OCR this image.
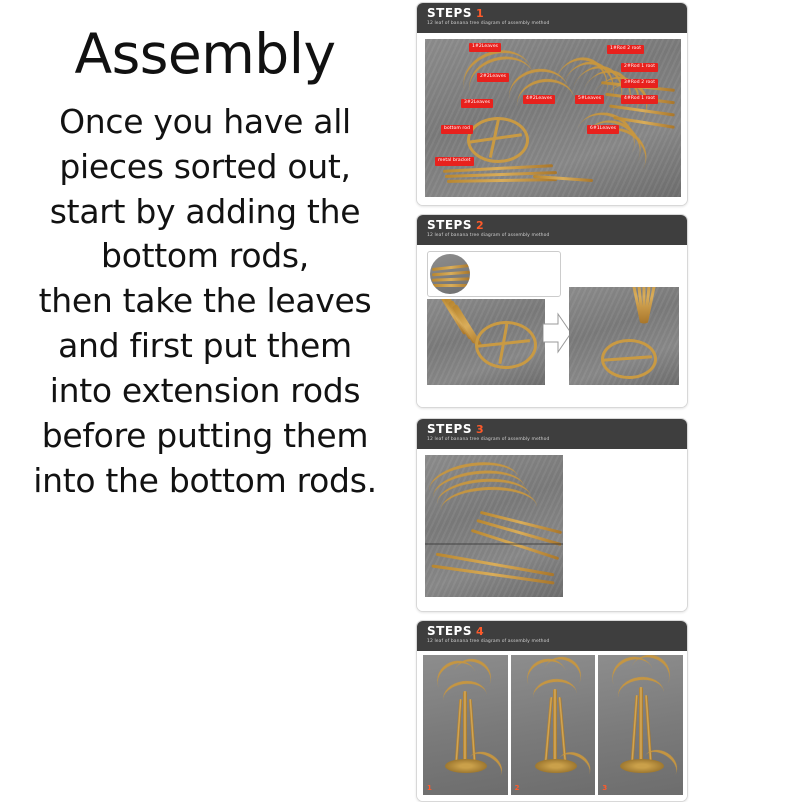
Assembly
Once you have all
pieces sorted out,
start by adding the
bottom rods,
then take the leaves
and first put them
into extension rods
before putting them
into the bottom rods.
STEPS 1
12 leaf of banana tree diagram of assembly method
1#2Leaves
2#2Leaves
3#2Leaves
4#2Leaves	5#Leaves
6#1Leaves
1#Rod 2 root
2#Rod 1 root
3#Rod 2 root
4#Rod 1 root
bottom rod
metal bracket
STEPS 2
12 leaf of banana tree diagram of assembly method
STEPS 3
12 leaf of banana tree diagram of assembly method
STEPS 4
12 leaf of banana tree diagram of assembly method
1	2	3
